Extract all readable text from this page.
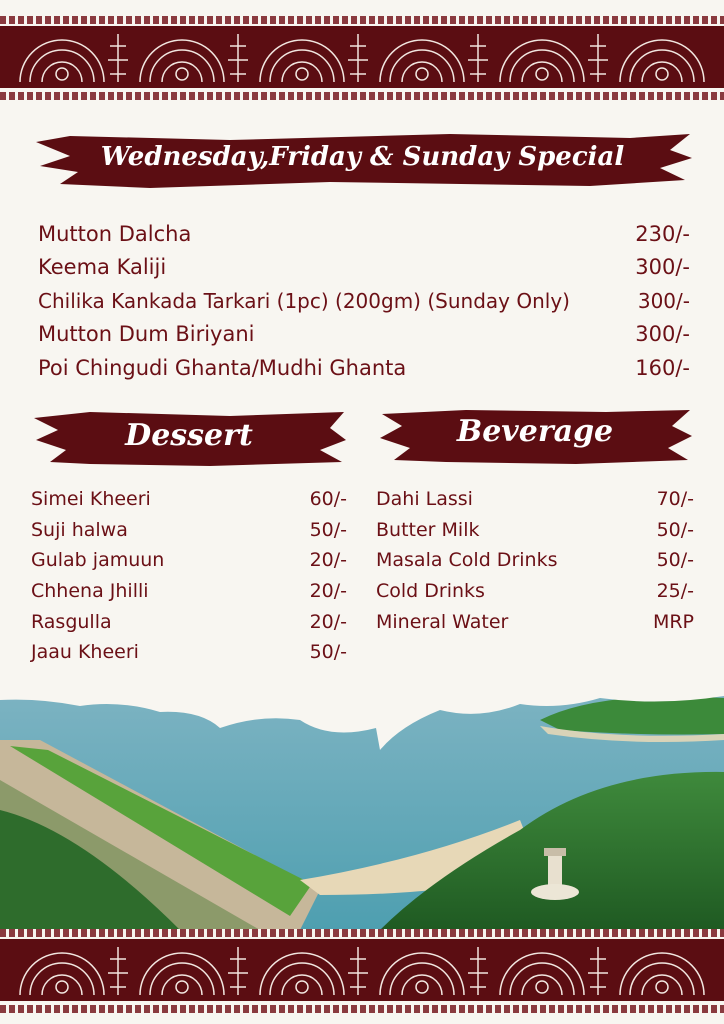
Wednesday,Friday & Sunday Special
Mutton Dalcha	230/-
Keema Kaliji	300/-
Chilika Kankada Tarkari (1pc) (200gm) (Sunday Only)	300/-
Mutton Dum Biriyani	300/-
Poi Chingudi Ghanta/Mudhi Ghanta	160/-
Dessert	Beverage
Simei Kheeri	60/-
Suji halwa	50/-
Gulab jamuun	20/-
Chhena Jhilli	20/-
Rasgulla	20/-
Jaau Kheeri	50/-
Dahi Lassi	70/-
Butter Milk	50/-
Masala Cold Drinks	50/-
Cold Drinks	25/-
Mineral Water	MRP
